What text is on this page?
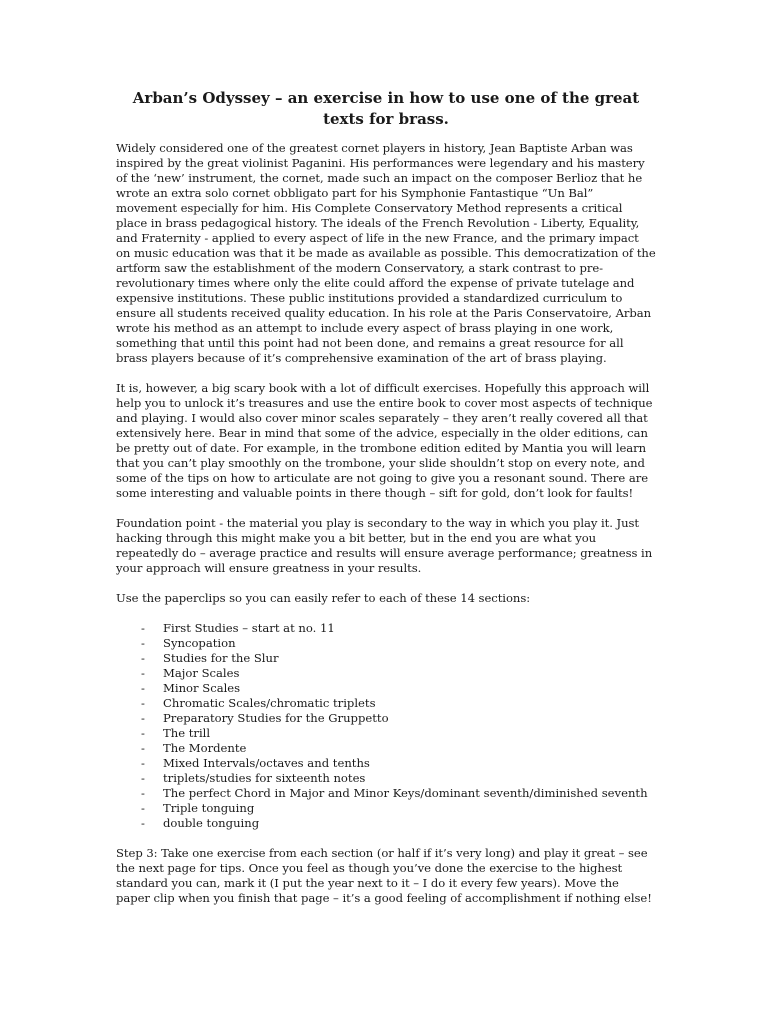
Arban’s Odyssey – an exercise in how to use one of the great texts for brass.

Widely considered one of the greatest cornet players in history, Jean Baptiste Arban was inspired by the great violinist Paganini. His performances were legendary and his mastery of the ‘new’ instrument, the cornet, made such an impact on the composer Berlioz that he wrote an extra solo cornet obbligato part for his Symphonie Fantastique “Un Bal” movement especially for him. His Complete Conservatory Method represents a critical place in brass pedagogical history. The ideals of the French Revolution - Liberty, Equality, and Fraternity - applied to every aspect of life in the new France, and the primary impact on music education was that it be made as available as possible. This democratization of the artform saw the establishment of the modern Conservatory, a stark contrast to pre-revolutionary times where only the elite could afford the expense of private tutelage and expensive institutions. These public institutions provided a standardized curriculum to ensure all students received quality education. In his role at the Paris Conservatoire, Arban wrote his method as an attempt to include every aspect of brass playing in one work, something that until this point had not been done, and remains a great resource for all brass players because of it’s comprehensive examination of the art of brass playing.

It is, however, a big scary book with a lot of difficult exercises. Hopefully this approach will help you to unlock it’s treasures and use the entire book to cover most aspects of technique and playing. I would also cover minor scales separately – they aren’t really covered all that extensively here. Bear in mind that some of the advice, especially in the older editions, can be pretty out of date. For example, in the trombone edition edited by Mantia you will learn that you can’t play smoothly on the trombone, your slide shouldn’t stop on every note, and some of the tips on how to articulate are not going to give you a resonant sound. There are some interesting and valuable points in there though – sift for gold, don’t look for faults!

Foundation point - the material you play is secondary to the way in which you play it. Just hacking through this might make you a bit better, but in the end you are what you repeatedly do – average practice and results will ensure average performance; greatness in your approach will ensure greatness in your results.

Use the paperclips so you can easily refer to each of these 14 sections:

- First Studies – start at no. 11
- Syncopation
- Studies for the Slur
- Major Scales
- Minor Scales
- Chromatic Scales/chromatic triplets
- Preparatory Studies for the Gruppetto
- The trill
- The Mordente
- Mixed Intervals/octaves and tenths
- triplets/studies for sixteenth notes
- The perfect Chord in Major and Minor Keys/dominant seventh/diminished seventh
- Triple tonguing
- double tonguing

Step 3: Take one exercise from each section (or half if it’s very long) and play it great – see the next page for tips. Once you feel as though you’ve done the exercise to the highest standard you can, mark it (I put the year next to it – I do it every few years). Move the paper clip when you finish that page – it’s a good feeling of accomplishment if nothing else!
